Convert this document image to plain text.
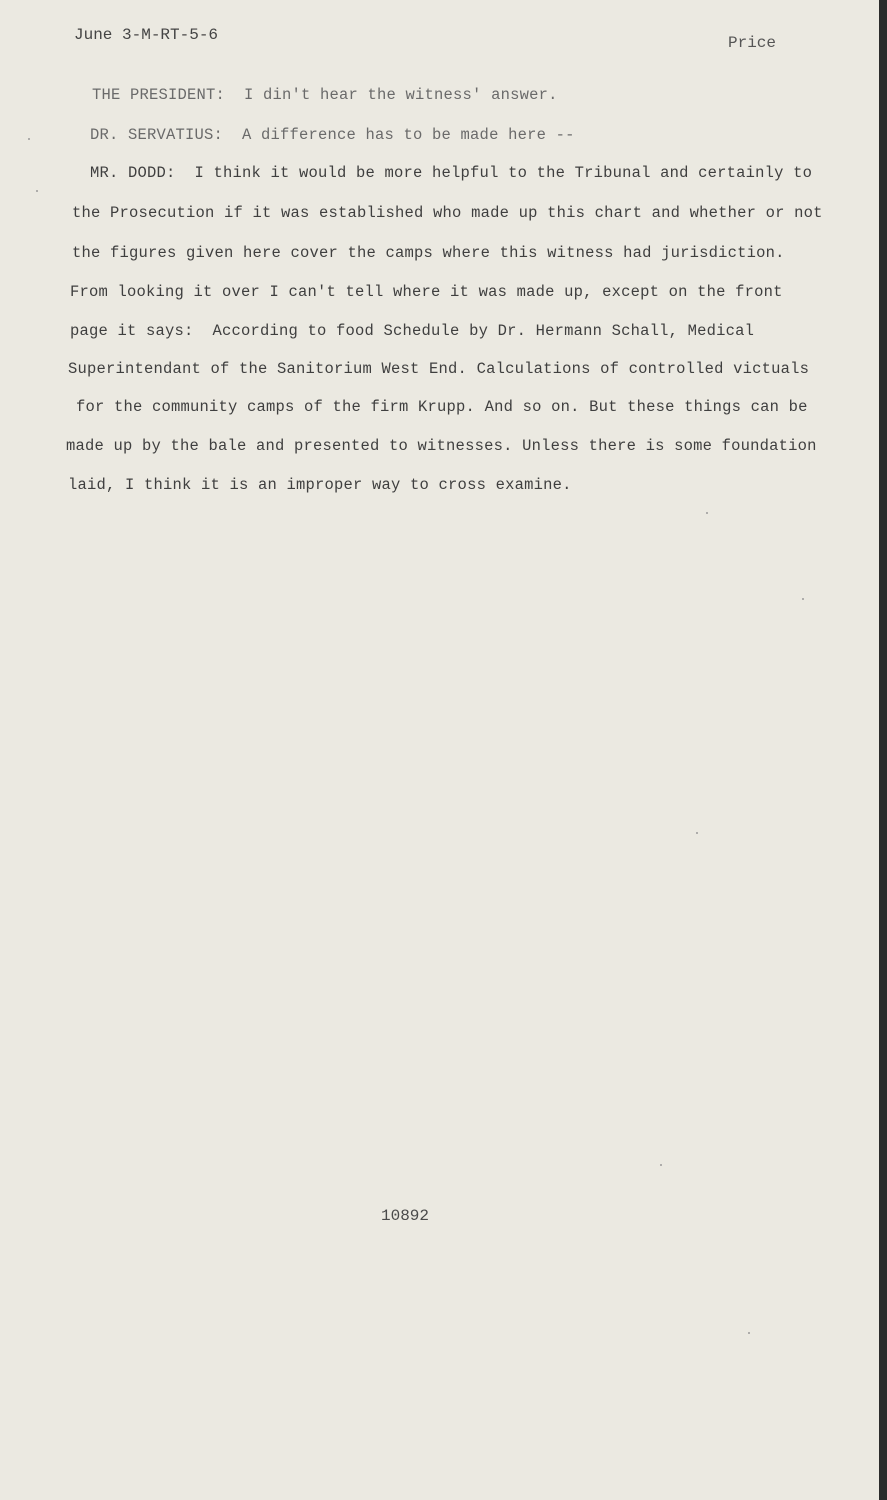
June 3-M-RT-5-6	Price
THE PRESIDENT:  I din't hear the witness' answer.
DR. SERVATIUS:  A difference has to be made here --
MR. DODD:  I think it would be more helpful to the Tribunal and certainly to
the Prosecution if it was established who made up this chart and whether or not
the figures given here cover the camps where this witness had jurisdiction.
From looking it over I can't tell where it was made up, except on the front
page it says:  According to food Schedule by Dr. Hermann Schall, Medical
Superintendant of the Sanitorium West End. Calculations of controlled victuals
for the community camps of the firm Krupp. And so on. But these things can be
made up by the bale and presented to witnesses. Unless there is some foundation
laid, I think it is an improper way to cross examine.
10892
